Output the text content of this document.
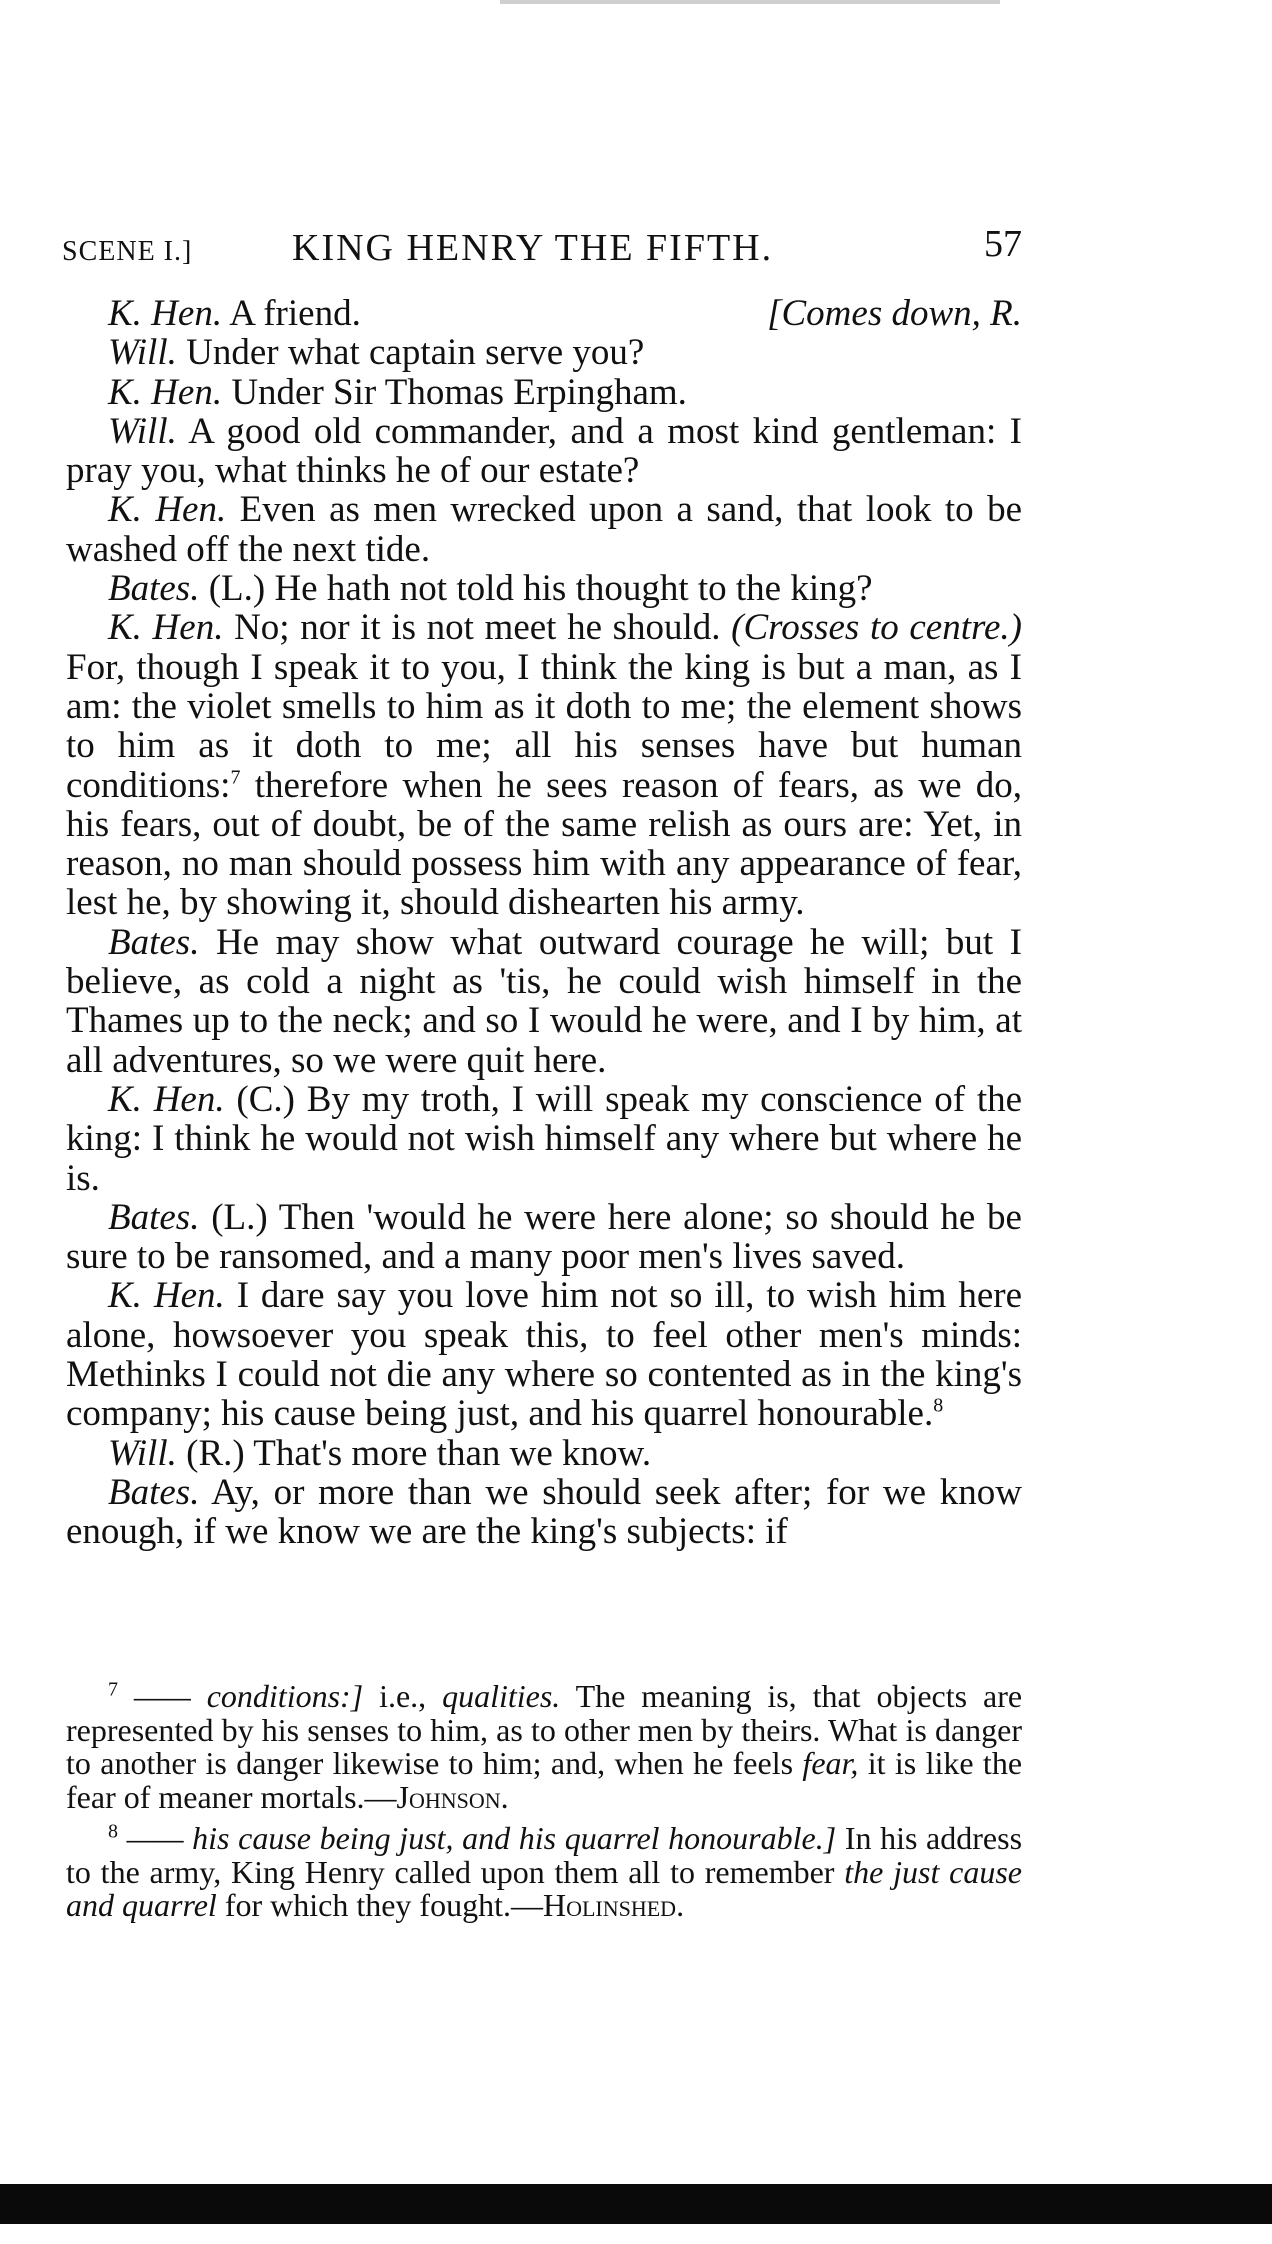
SCENE I.]	KING HENRY THE FIFTH.	57

K. Hen. A friend.	[Comes down, R.

Will. Under what captain serve you?

K. Hen. Under Sir Thomas Erpingham.

Will. A good old commander, and a most kind gentleman: I pray you, what thinks he of our estate?

K. Hen. Even as men wrecked upon a sand, that look to be washed off the next tide.

Bates. (L.) He hath not told his thought to the king?

K. Hen. No; nor it is not meet he should. (Crosses to centre.) For, though I speak it to you, I think the king is but a man, as I am: the violet smells to him as it doth to me; the element shows to him as it doth to me; all his senses have but human conditions:$^7$ therefore when he sees reason of fears, as we do, his fears, out of doubt, be of the same relish as ours are: Yet, in reason, no man should possess him with any appearance of fear, lest he, by showing it, should dishearten his army.

Bates. He may show what outward courage he will; but I believe, as cold a night as 'tis, he could wish himself in the Thames up to the neck; and so I would he were, and I by him, at all adventures, so we were quit here.

K. Hen. (C.) By my troth, I will speak my conscience of the king: I think he would not wish himself any where but where he is.

Bates. (L.) Then 'would he were here alone; so should he be sure to be ransomed, and a many poor men's lives saved.

K. Hen. I dare say you love him not so ill, to wish him here alone, howsoever you speak this, to feel other men's minds: Methinks I could not die any where so contented as in the king's company; his cause being just, and his quarrel honourable.$^8$

Will. (R.) That's more than we know.

Bates. Ay, or more than we should seek after; for we know enough, if we know we are the king's subjects: if

$^7$ —— conditions:] i.e., qualities. The meaning is, that objects are represented by his senses to him, as to other men by theirs. What is danger to another is danger likewise to him; and, when he feels fear, it is like the fear of meaner mortals.—Johnson.

$^8$ —— his cause being just, and his quarrel honourable.] In his address to the army, King Henry called upon them all to remember the just cause and quarrel for which they fought.—Holinshed.
